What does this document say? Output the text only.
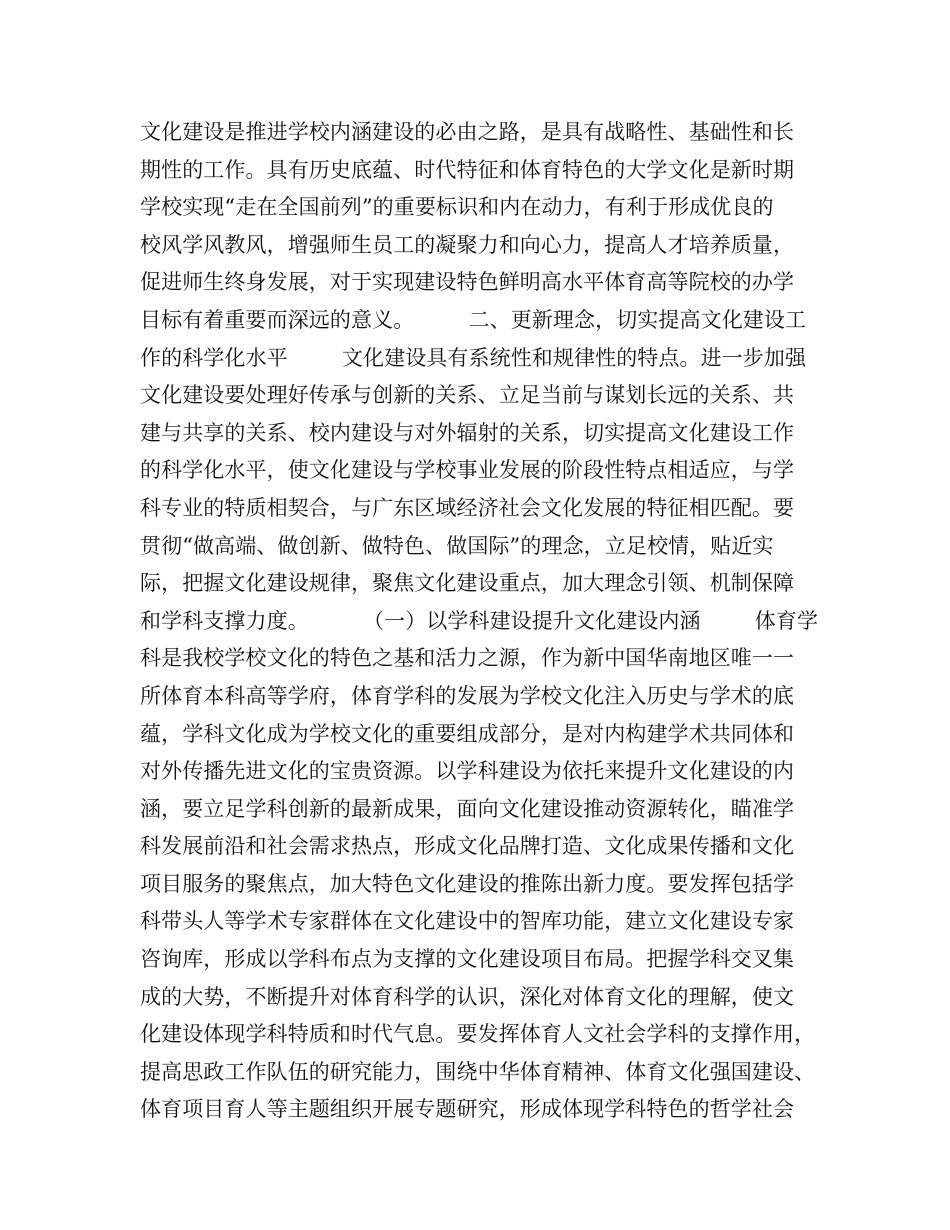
文化建设是推进学校内涵建设的必由之路，是具有战略性、基础性和长
期性的工作。具有历史底蕴、时代特征和体育特色的大学文化是新时期
学校实现“走在全国前列”的重要标识和内在动力，有利于形成优良的
校风学风教风，增强师生员工的凝聚力和向心力，提高人才培养质量，
促进师生终身发展，对于实现建设特色鲜明高水平体育高等院校的办学
目标有着重要而深远的意义。        二、更新理念，切实提高文化建设工
作的科学化水平        文化建设具有系统性和规律性的特点。进一步加强
文化建设要处理好传承与创新的关系、立足当前与谋划长远的关系、共
建与共享的关系、校内建设与对外辐射的关系，切实提高文化建设工作
的科学化水平，使文化建设与学校事业发展的阶段性特点相适应，与学
科专业的特质相契合，与广东区域经济社会文化发展的特征相匹配。要
贯彻“做高端、做创新、做特色、做国际”的理念，立足校情，贴近实
际，把握文化建设规律，聚焦文化建设重点，加大理念引领、机制保障
和学科支撑力度。        （一）以学科建设提升文化建设内涵        体育学
科是我校学校文化的特色之基和活力之源，作为新中国华南地区唯一一
所体育本科高等学府，体育学科的发展为学校文化注入历史与学术的底
蕴，学科文化成为学校文化的重要组成部分，是对内构建学术共同体和
对外传播先进文化的宝贵资源。以学科建设为依托来提升文化建设的内
涵，要立足学科创新的最新成果，面向文化建设推动资源转化，瞄准学
科发展前沿和社会需求热点，形成文化品牌打造、文化成果传播和文化
项目服务的聚焦点，加大特色文化建设的推陈出新力度。要发挥包括学
科带头人等学术专家群体在文化建设中的智库功能，建立文化建设专家
咨询库，形成以学科布点为支撑的文化建设项目布局。把握学科交叉集
成的大势，不断提升对体育科学的认识，深化对体育文化的理解，使文
化建设体现学科特质和时代气息。要发挥体育人文社会学科的支撑作用，
提高思政工作队伍的研究能力，围绕中华体育精神、体育文化强国建设、
体育项目育人等主题组织开展专题研究，形成体现学科特色的哲学社会
